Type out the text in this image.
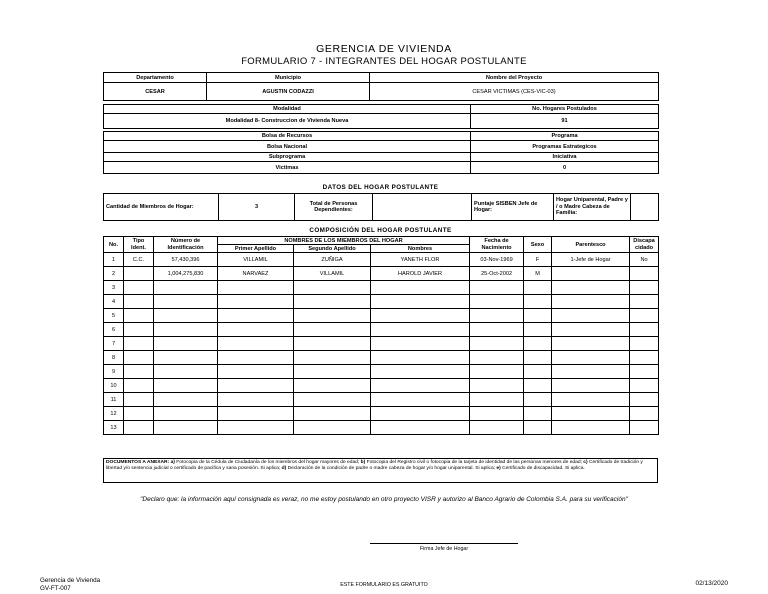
GERENCIA DE VIVIENDA
FORMULARIO 7 - INTEGRANTES DEL HOGAR POSTULANTE
Departamento	Municipio	Nombre del Proyecto
CESAR	AGUSTIN CODAZZI	CESAR VICTIMAS (CES-VIC-03)
Modalidad	No. Hogares Postulados
Modalidad 8- Construccion de Vivienda Nueva	91
Bolsa de Recursos	Programa
Bolsa Nacional	Programas Estrategicos
Subprograma	Iniciativa
Victimas	0
DATOS DEL HOGAR POSTULANTE
Cantidad de Miembros de Hogar:	3	Total de Personas Dependientes:		Puntaje SISBEN Jefe de Hogar:	Hogar Uniparental, Padre y / o Madre Cabeza de Familia:	
COMPOSICIÓN DEL HOGAR POSTULANTE
No.	Tipo Ident.	Número de Identificación	NOMBRES DE LOS MIEMBROS DEL HOGAR			Fecha de Nacimiento	Sexo	Parentesco	Discapacidado
			Primer Apellido	Segundo Apellido	Nombres				
1	C.C.	57,430,396	VILLAMIL	ZUÑIGA	YANETH FLOR	03-Nov-1969	F	1-Jefe de Hogar	No
2		1,004,275,830	NARVAEZ	VILLAMIL	HAROLD JAVIER	25-Oct-2002	M		
3									
4									
5									
6									
7									
8									
9									
10									
11									
12									
13									
DOCUMENTOS A ANEXAR: a) Fotocopia de la Cédula de Ciudadanía de los miembros del hogar mayores de edad; b) Fotocopia del Registro civil o fotocopia de la tarjeta de identidad de las personas menores de edad; c) Certificado de tradición y libertad y/o sentencia judicial o certificado de pacifica y sana posesión. Si aplica; d) Declaración de la condición de padre o madre cabeza de hogar y/o hogar uniparental. Si aplica; e) Certificado de discapacidad. Si aplica.
"Declaro que: la información aquí consignada es veraz, no me estoy postulando en otro proyecto VISR y autorizo al Banco Agrario de Colombia S.A. para su verificación"
Firma Jefe de Hogar
Gerencia de Vivienda
GV-FT-007	ESTE FORMULARIO ES GRATUITO	02/13/2020
